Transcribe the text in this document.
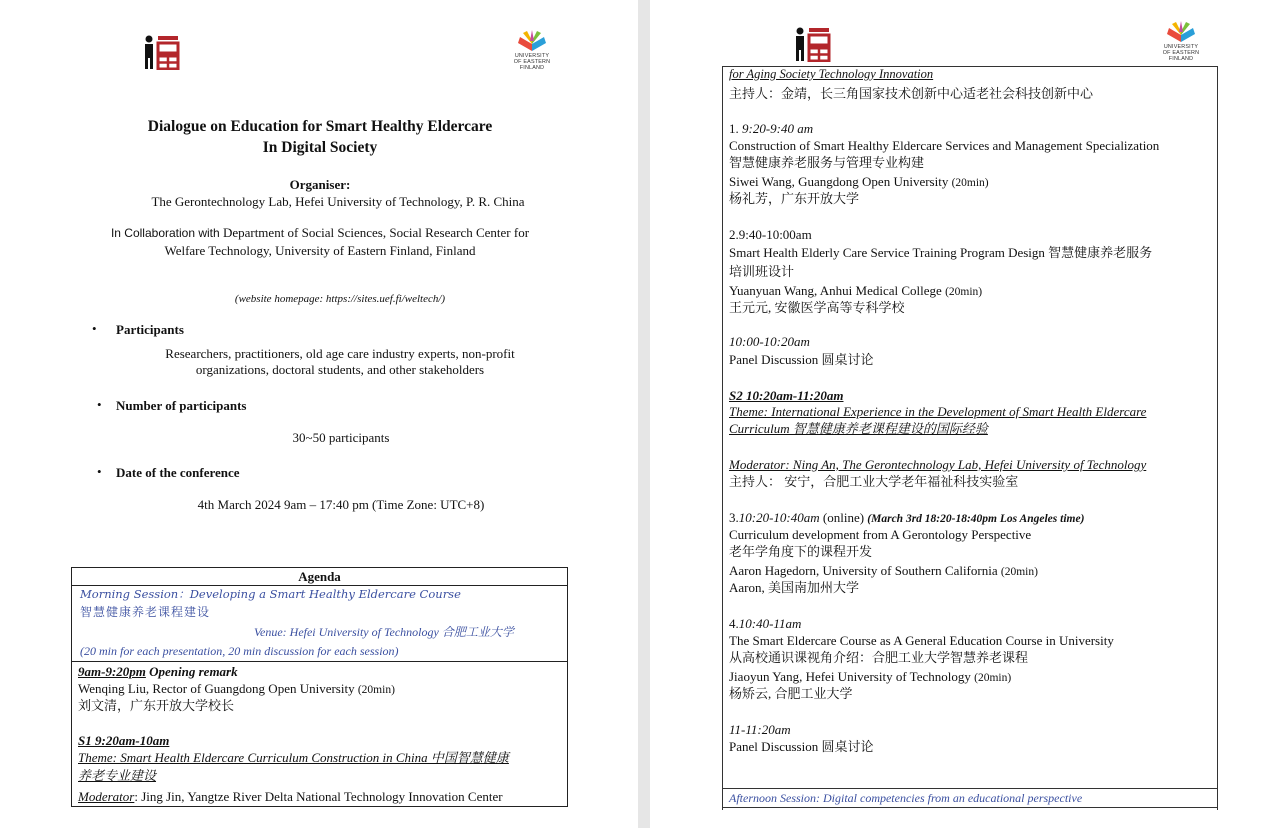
UNIVERSITY
OF EASTERN
FINLAND
Dialogue on Education for Smart Healthy Eldercare
In Digital Society
Organiser:
The Gerontechnology Lab, Hefei University of Technology, P. R. China
In Collaboration with Department of Social Sciences, Social Research Center for
Welfare Technology, University of Eastern Finland, Finland
(website homepage: https://sites.uef.fi/weltech/)
• Participants
Researchers, practitioners, old age care industry experts, non-profit
organizations, doctoral students, and other stakeholders
• Number of participants
30~50 participants
• Date of the conference
4th March 2024 9am – 17:40 pm (Time Zone: UTC+8)
Agenda
Morning Session：Developing a Smart Healthy Eldercare Course
智慧健康养老课程建设
Venue: Hefei University of Technology 合肥工业大学
(20 min for each presentation, 20 min discussion for each session)
9am-9:20pm Opening remark
Wenqing Liu, Rector of Guangdong Open University (20min)
刘文清，广东开放大学校长
S1 9:20am-10am
Theme: Smart Health Eldercare Curriculum Construction in China 中国智慧健康
养老专业建设
Moderator: Jing Jin, Yangtze River Delta National Technology Innovation Center
UNIVERSITY
OF EASTERN
FINLAND
for Aging Society Technology Innovation
主持人：金靖，长三角国家技术创新中心适老社会科技创新中心
1. 9:20-9:40 am
Construction of Smart Healthy Eldercare Services and Management Specialization
智慧健康养老服务与管理专业构建
Siwei Wang, Guangdong Open University (20min)
杨礼芳，广东开放大学
2.9:40-10:00am
Smart Health Elderly Care Service Training Program Design 智慧健康养老服务
培训班设计
Yuanyuan Wang, Anhui Medical College (20min)
王元元, 安徽医学高等专科学校
10:00-10:20am
Panel Discussion 圆桌讨论
S2 10:20am-11:20am
Theme: International Experience in the Development of Smart Health Eldercare
Curriculum 智慧健康养老课程建设的国际经验
Moderator: Ning An, The Gerontechnology Lab, Hefei University of Technology
主持人： 安宁，合肥工业大学老年福祉科技实验室
3.10:20-10:40am (online) (March 3rd 18:20-18:40pm Los Angeles time)
Curriculum development from A Gerontology Perspective
老年学角度下的课程开发
Aaron Hagedorn, University of Southern California (20min)
Aaron, 美国南加州大学
4.10:40-11am
The Smart Eldercare Course as A General Education Course in University
从高校通识课视角介绍：合肥工业大学智慧养老课程
Jiaoyun Yang, Hefei University of Technology (20min)
杨矫云, 合肥工业大学
11-11:20am
Panel Discussion 圆桌讨论
Afternoon Session: Digital competencies from an educational perspective
